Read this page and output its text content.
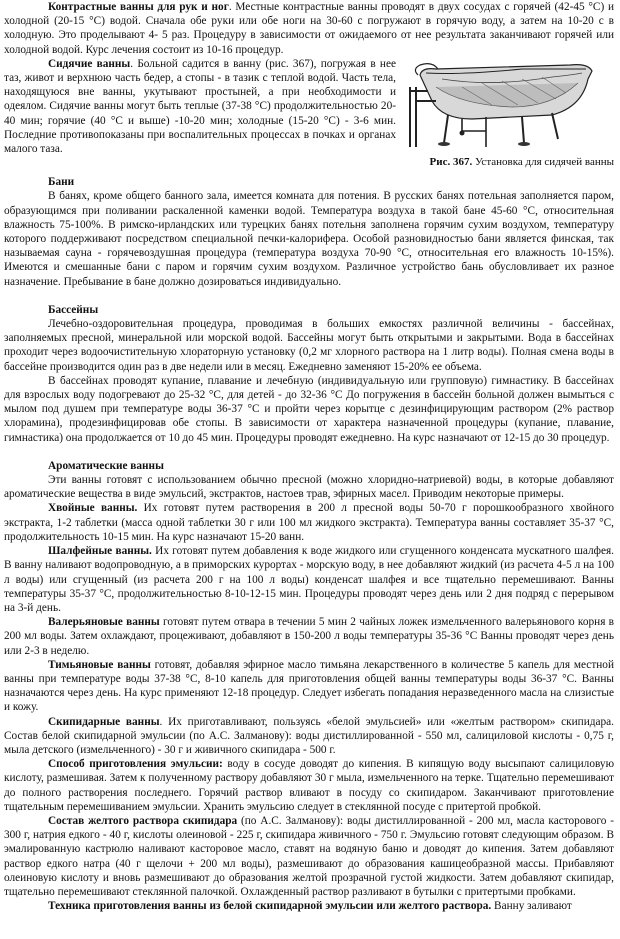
Контрастные ванны для рук и ног. Местные контрастные ванны проводят в двух сосудах с горячей (42-45 °С) и холодной (20-15 °С) водой. Сначала обе руки или обе ноги на 30-60 с погружают в горячую воду, а затем на 10-20 с в холодную. Это проделывают 4- 5 раз. Процедуру в зависимости от ожидаемого от нее результата заканчивают горячей или холодной водой. Курс лечения состоит из 10-16 процедур.

Рис. 367. Установка для сидячей ванны

Сидячие ванны. Больной садится в ванну (рис. 367), погружая в нее таз, живот и верхнюю часть бедер, а стопы - в тазик с теплой водой. Часть тела, находящуюся вне ванны, укутывают простыней, а при необходимости и одеялом. Сидячие ванны могут быть теплые (37-38 °С) продолжительностью 20-40 мин; горячие (40 °С и выше) -10-20 мин; холодные (15-20 °С) - 3-6 мин. Последние противопоказаны при воспалительных процессах в почках и органах малого таза.

Бани

В банях, кроме общего банного зала, имеется комната для потения. В русских банях потельная заполняется паром, образующимся при поливании раскаленной каменки водой. Температура воздуха в такой бане 45-60 °С, относительная влажность 75-100%. В римско-ирландских или турецких банях потельня заполнена горячим сухим воздухом, температуру которого поддерживают посредством специальной печки-калорифера. Особой разновидностью бани является финская, так называемая сауна - горячевоздушная процедура (температура воздуха 70-90 °С, относительная его влажность 10-15%). Имеются и смешанные бани с паром и горячим сухим воздухом. Различное устройство бань обусловливает их разное назначение. Пребывание в бане должно дозироваться индивидуально.

Бассейны

Лечебно-оздоровительная процедура, проводимая в больших емкостях различной величины - бассейнах, заполняемых пресной, минеральной или морской водой. Бассейны могут быть открытыми и закрытыми. Вода в бассейнах проходит через водоочистительную хлораторную установку (0,2 мг хлорного раствора на 1 литр воды). Полная смена воды в бассейне производится один раз в две недели или в месяц. Ежедневно заменяют 15-20% ее объема.

В бассейнах проводят купание, плавание и лечебную (индивидуальную или групповую) гимнастику. В бассейнах для взрослых воду подогревают до 25-32 °С, для детей - до 32-36 °С До погружения в бассейн больной должен вымыться с мылом под душем при температуре воды 36-37 °С и пройти через корытце с дезинфицирующим раствором (2% раствор хлорамина), продезинфицировав обе стопы. В зависимости от характера назначенной процедуры (купание, плавание, гимнастика) она продолжается от 10 до 45 мин. Процедуры проводят ежедневно. На курс назначают от 12-15 до 30 процедур.

Ароматические ванны

Эти ванны готовят с использованием обычно пресной (можно хлоридно-натриевой) воды, в которые добавляют ароматические вещества в виде эмульсий, экстрактов, настоев трав, эфирных масел. Приводим некоторые примеры.

Хвойные ванны. Их готовят путем растворения в 200 л пресной воды 50-70 г порошкообразного хвойного экстракта, 1-2 таблетки (масса одной таблетки 30 г или 100 мл жидкого экстракта). Температура ванны составляет 35-37 °С, продолжительность 10-15 мин. На курс назначают 15-20 ванн.

Шалфейные ванны. Их готовят путем добавления к воде жидкого или сгущенного конденсата мускатного шалфея. В ванну наливают водопроводную, а в приморских курортах - морскую воду, в нее добавляют жидкий (из расчета 4-5 л на 100 л воды) или сгущенный (из расчета 200 г на 100 л воды) конденсат шалфея и все тщательно перемешивают. Ванны температуры 35-37 °С, продолжительностью 8-10-12-15 мин. Процедуры проводят через день или 2 дня подряд с перерывом на 3-й день.

Валерьяновые ванны готовят путем отвара в течении 5 мин 2 чайных ложек измельченного валерьянового корня в 200 мл воды. Затем охлаждают, процеживают, добавляют в 150-200 л воды температуры 35-36 °С Ванны проводят через день или 2-3 в неделю.

Тимьяновые ванны готовят, добавляя эфирное масло тимьяна лекарственного в количестве 5 капель для местной ванны при температуре воды 37-38 °С, 8-10 капель для приготовления общей ванны температуры воды 36-37 °С. Ванны назначаются через день. На курс применяют 12-18 процедур. Следует избегать попадания неразведенного масла на слизистые и кожу.

Скипидарные ванны. Их приготавливают, пользуясь «белой эмульсией» или «желтым раствором» скипидара. Состав белой скипидарной эмульсии (по А.С. Залманову): воды дистиллированной - 550 мл, салициловой кислоты - 0,75 г, мыла детского (измельченного) - 30 г и живичного скипидара - 500 г.

Способ приготовления эмульсии: воду в сосуде доводят до кипения. В кипящую воду высыпают салициловую кислоту, размешивая. Затем к полученному раствору добавляют 30 г мыла, измельченного на терке. Тщательно перемешивают до полного растворения последнего. Горячий раствор вливают в посуду со скипидаром. Заканчивают приготовление тщательным перемешиванием эмульсии. Хранить эмульсию следует в стеклянной посуде с притертой пробкой.

Состав желтого раствора скипидара (по А.С. Залманову): воды дистиллированной - 200 мл, масла касторового - 300 г, натрия едкого - 40 г, кислоты олеиновой - 225 г, скипидара живичного - 750 г. Эмульсию готовят следующим образом. В эмалированную кастрюлю наливают касторовое масло, ставят на водяную баню и доводят до кипения. Затем добавляют раствор едкого натра (40 г щелочи + 200 мл воды), размешивают до образования кашицеобразной массы. Прибавляют олеиновую кислоту и вновь размешивают до образования желтой прозрачной густой жидкости. Затем добавляют скипидар, тщательно перемешивают стеклянной палочкой. Охлажденный раствор разливают в бутылки с притертыми пробками.

Техника приготовления ванны из белой скипидарной эмульсии или желтого раствора. Ванну заливают
